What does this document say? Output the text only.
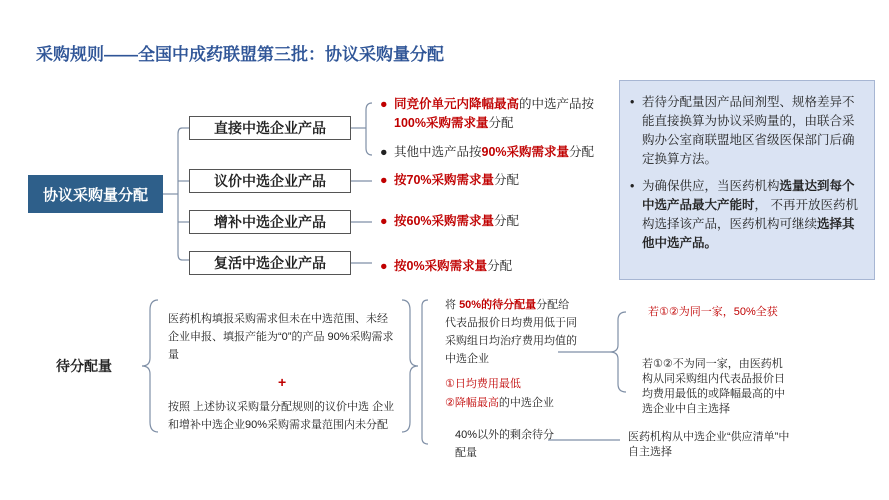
采购规则——全国中成药联盟第三批：协议采购量分配
协议采购量分配
直接中选企业产品
议价中选企业产品
增补中选企业产品
复活中选企业产品
● 同竞价单元内降幅最高的中选产品按
100%采购需求量分配
● 其他中选产品按90%采购需求量分配
● 按70%采购需求量分配
● 按60%采购需求量分配
● 按0%采购需求量分配
• 若待分配量因产品间剂型、规格差异不能直接换算为协议采购量的，由联合采购办公室商联盟地区省级医保部门后确定换算方法。
• 为确保供应，当医药机构选量达到每个中选产品最大产能时， 不再开放医药机构选择该产品，医药机构可继续选择其他中选产品。
待分配量
医药机构填报采购需求但未在中选范围、未经企业申报、填报产能为“0”的产品 90%采购需求量
+
按照 上述协议采购量分配规则的议价中选 企业和增补中选企业90%采购需求量范围内未分配
将 50%的待分配量分配给代表品报价日均费用低于同采购组日均治疗费用均值的中选企业
①日均费用最低
②降幅最高的中选企业
40%以外的剩余待分配量
若①②为同一家，50%全获
若①②不为同一家，由医药机构从同采购组内代表品报价日均费用最低的或降幅最高的中选企业中自主选择
医药机构从中选企业“供应清单”中自主选择
